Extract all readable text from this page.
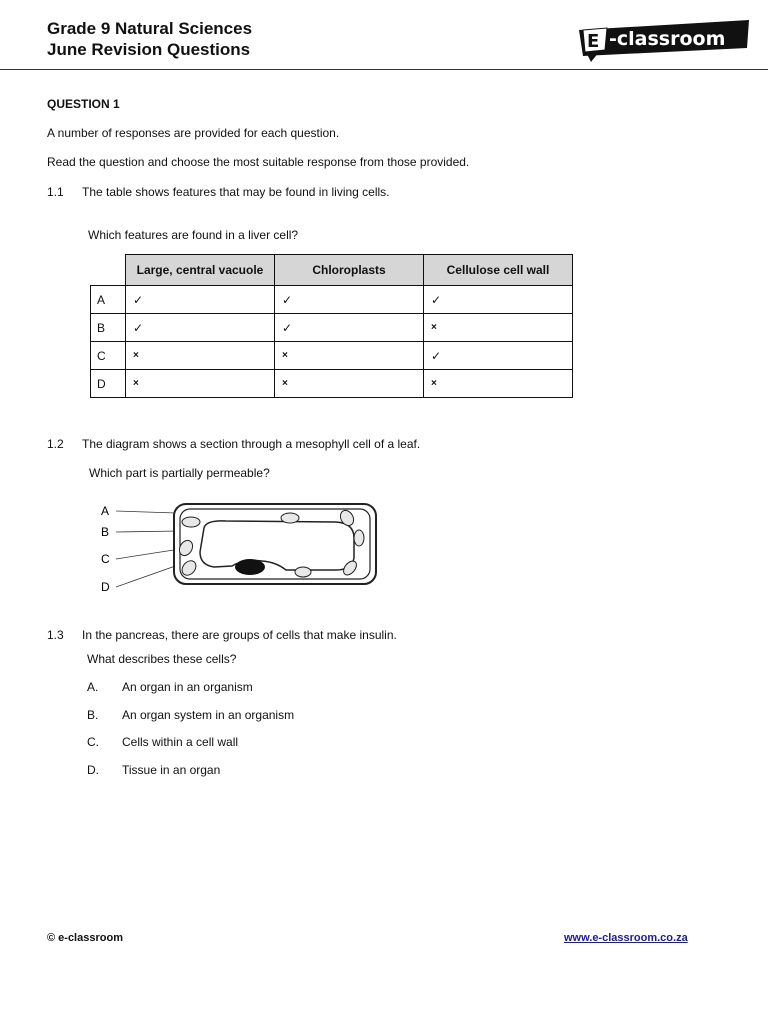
Grade 9 Natural Sciences
June Revision Questions	E -classroom
QUESTION 1
A number of responses are provided for each question.
Read the question and choose the most suitable response from those provided.
1.1 The table shows features that may be found in living cells.
Which features are found in a liver cell?
	Large, central vacuole	Chloroplasts	Cellulose cell wall
A	✓	✓	✓
B	✓	✓	×
C	×	×	✓
D	×	×	×
1.2 The diagram shows a section through a mesophyll cell of a leaf.
Which part is partially permeable?
A
B
C
D
1.3 In the pancreas, there are groups of cells that make insulin.
What describes these cells?
A. An organ in an organism
B. An organ system in an organism
C. Cells within a cell wall
D. Tissue in an organ
© e-classroom	www.e-classroom.co.za
